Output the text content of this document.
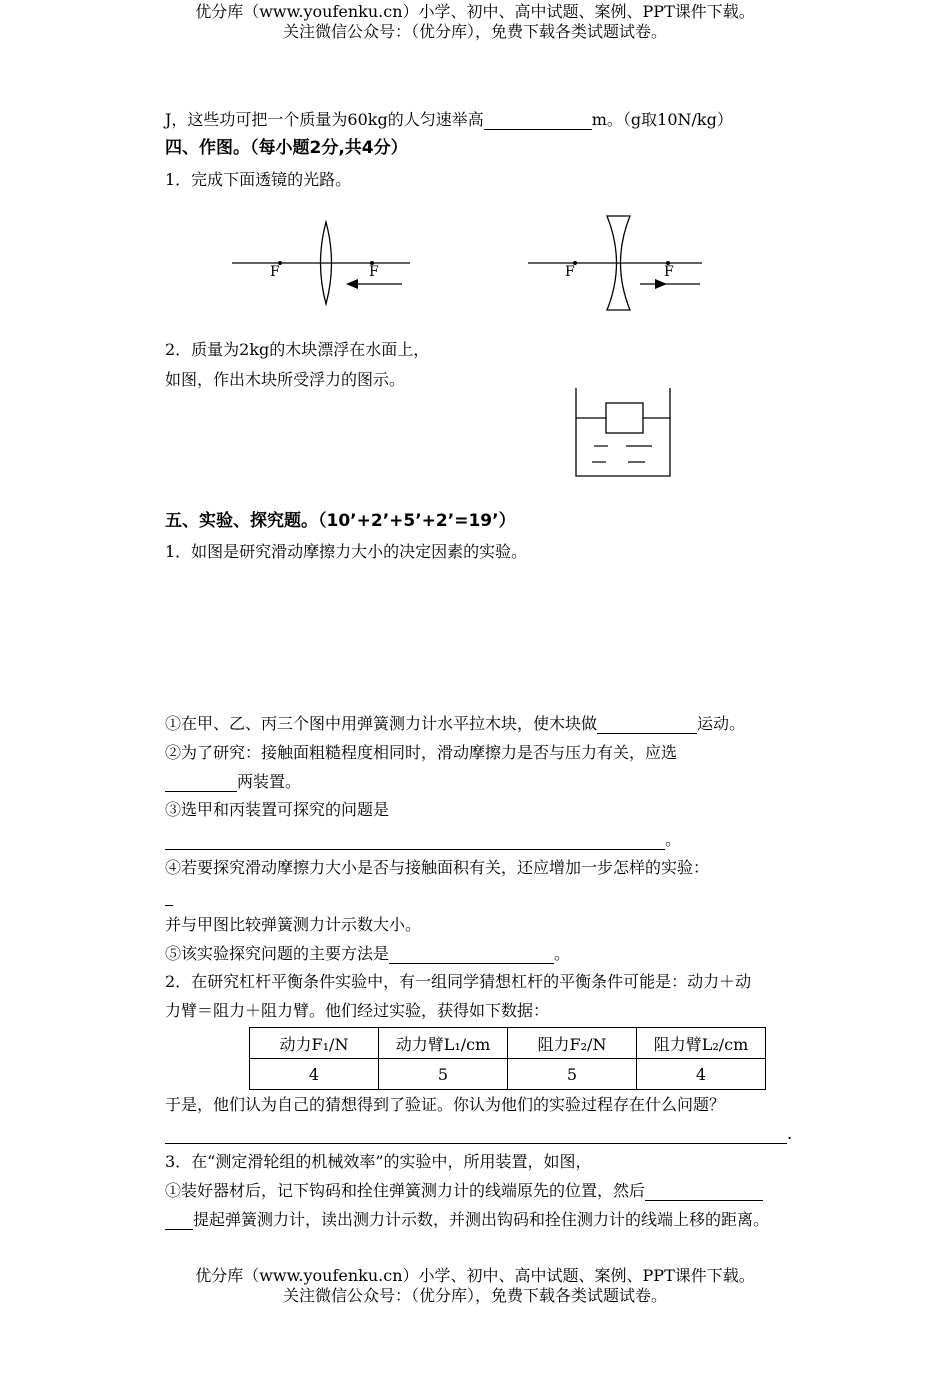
优分库（www.youfenku.cn）小学、初中、高中试题、案例、PPT课件下载。
关注微信公众号：（优分库），免费下载各类试题试卷。
J，这些功可把一个质量为60kg的人匀速举高	m。（g取10N/kg）
四、作图。（每小题2分,共4分）
1．完成下面透镜的光路。
F	F	F	F
2．质量为2kg的木块漂浮在水面上，
如图，作出木块所受浮力的图示。
五、实验、探究题。（10’+2’+5’+2’=19’）
1．如图是研究滑动摩擦力大小的决定因素的实验。
①在甲、乙、丙三个图中用弹簧测力计水平拉木块，使木块做	运动。
②为了研究：接触面粗糙程度相同时，滑动摩擦力是否与压力有关，应选
两装置。
③选甲和丙装置可探究的问题是
。
④若要探究滑动摩擦力大小是否与接触面积有关，还应增加一步怎样的实验：
并与甲图比较弹簧测力计示数大小。
⑤该实验探究问题的主要方法是	。
2．在研究杠杆平衡条件实验中，有一组同学猜想杠杆的平衡条件可能是：动力＋动
力臂＝阻力＋阻力臂。他们经过实验，获得如下数据：
动力F₁/N	动力臂L₁/cm	阻力F₂/N	阻力臂L₂/cm
4	5	5	4
于是，他们认为自己的猜想得到了验证。你认为他们的实验过程存在什么问题？
.
3．在“测定滑轮组的机械效率”的实验中，所用装置，如图，
①装好器材后，记下钩码和拴住弹簧测力计的线端原先的位置，然后
提起弹簧测力计，读出测力计示数，并测出钩码和拴住测力计的线端上移的距离。
优分库（www.youfenku.cn）小学、初中、高中试题、案例、PPT课件下载。
关注微信公众号：（优分库），免费下载各类试题试卷。
